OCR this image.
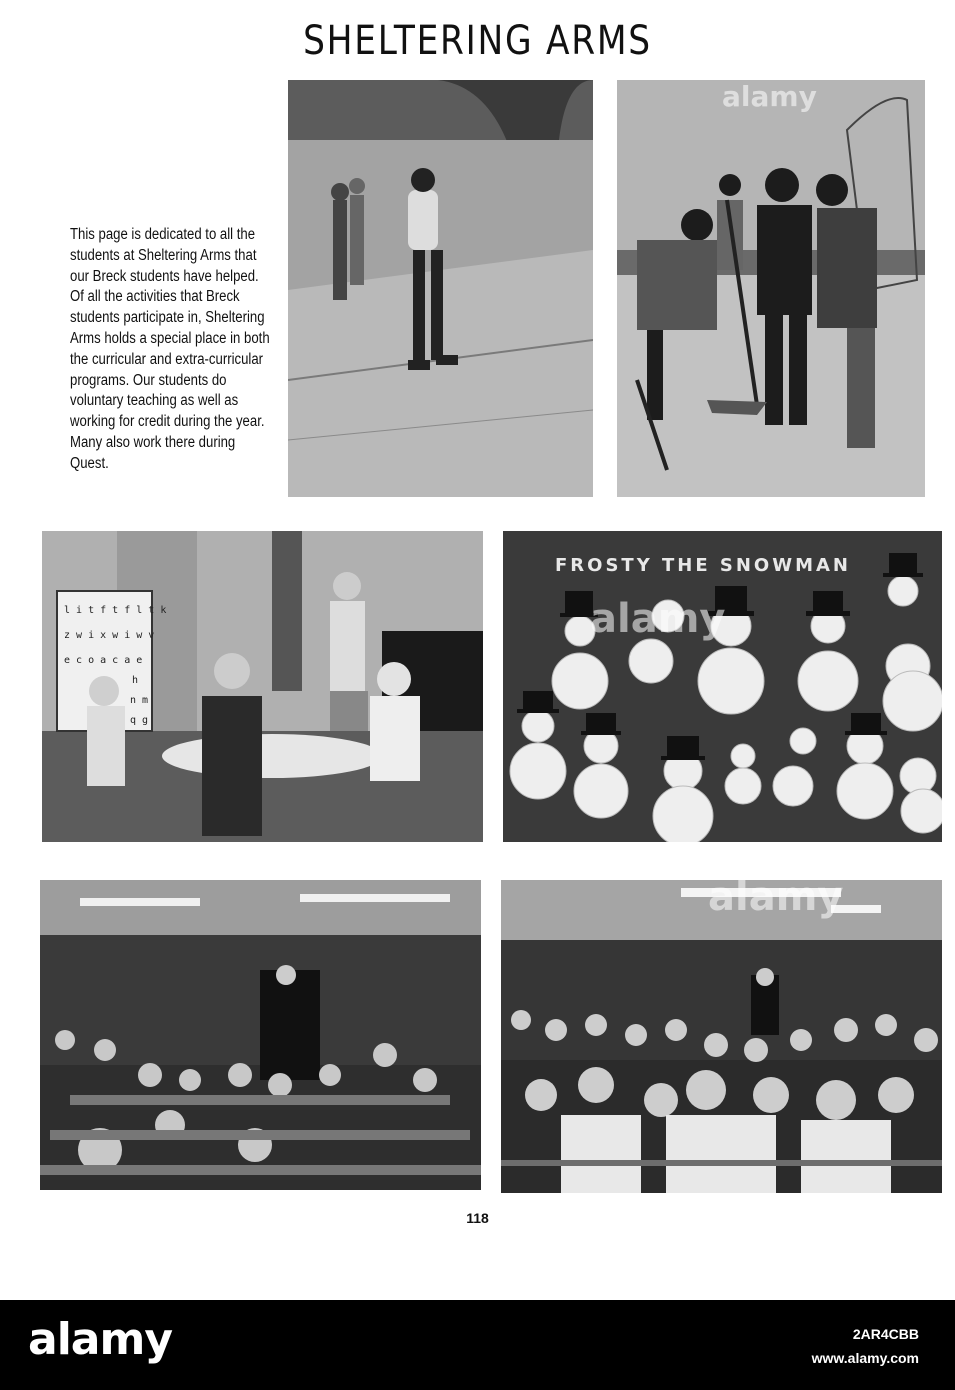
SHELTERING ARMS

This page is dedicated to all the students at Sheltering Arms that our Breck students have helped. Of all the activities that Breck students participate in, Sheltering Arms holds a special place in both the curricular and extra-curricular programs. Our students do voluntary teaching as well as working for credit during the year. Many also work there during Quest.

l i t f t f l t k
z w i x w i w v
e c o a c a e
h
n m
q g
FROSTY THE SNOWMAN

118

alamy
alamy
alamy
alamy	2AR4CBB
www.alamy.com
